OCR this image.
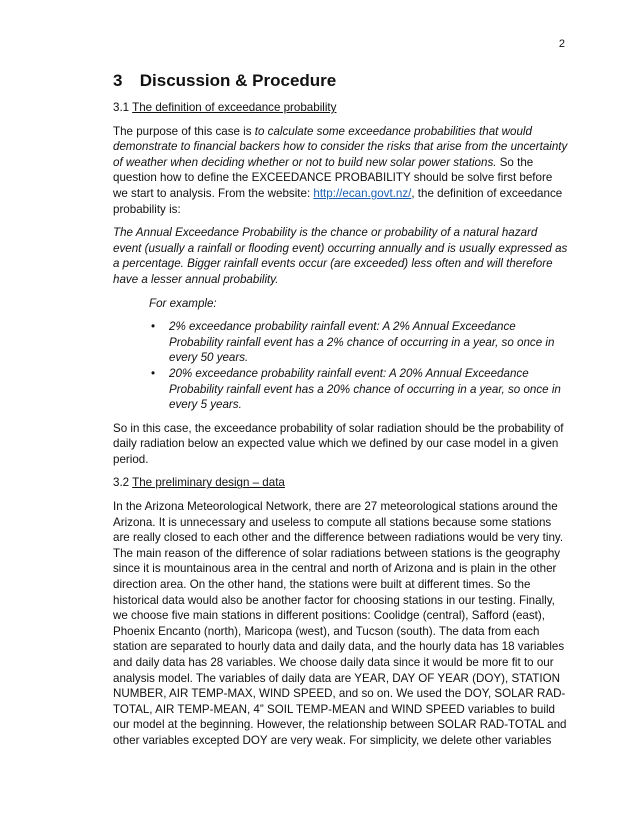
2
3 Discussion & Procedure
3.1 The definition of exceedance probability

The purpose of this case is to calculate some exceedance probabilities that would demonstrate to financial backers how to consider the risks that arise from the uncertainty of weather when deciding whether or not to build new solar power stations. So the question how to define the EXCEEDANCE PROBABILITY should be solve first before we start to analysis. From the website: http://ecan.govt.nz/, the definition of exceedance probability is:

The Annual Exceedance Probability is the chance or probability of a natural hazard event (usually a rainfall or flooding event) occurring annually and is usually expressed as a percentage. Bigger rainfall events occur (are exceeded) less often and will therefore have a lesser annual probability.

For example:

• 2% exceedance probability rainfall event: A 2% Annual Exceedance Probability rainfall event has a 2% chance of occurring in a year, so once in every 50 years.
• 20% exceedance probability rainfall event: A 20% Annual Exceedance Probability rainfall event has a 20% chance of occurring in a year, so once in every 5 years.

So in this case, the exceedance probability of solar radiation should be the probability of daily radiation below an expected value which we defined by our case model in a given period.

3.2 The preliminary design – data

In the Arizona Meteorological Network, there are 27 meteorological stations around the Arizona. It is unnecessary and useless to compute all stations because some stations are really closed to each other and the difference between radiations would be very tiny. The main reason of the difference of solar radiations between stations is the geography since it is mountainous area in the central and north of Arizona and is plain in the other direction area. On the other hand, the stations were built at different times. So the historical data would also be another factor for choosing stations in our testing. Finally, we choose five main stations in different positions: Coolidge (central), Safford (east), Phoenix Encanto (north), Maricopa (west), and Tucson (south). The data from each station are separated to hourly data and daily data, and the hourly data has 18 variables and daily data has 28 variables. We choose daily data since it would be more fit to our analysis model. The variables of daily data are YEAR, DAY OF YEAR (DOY), STATION NUMBER, AIR TEMP-MAX, WIND SPEED, and so on. We used the DOY, SOLAR RAD-TOTAL, AIR TEMP-MEAN, 4” SOIL TEMP-MEAN and WIND SPEED variables to build our model at the beginning. However, the relationship between SOLAR RAD-TOTAL and other variables excepted DOY are very weak. For simplicity, we delete other variables
